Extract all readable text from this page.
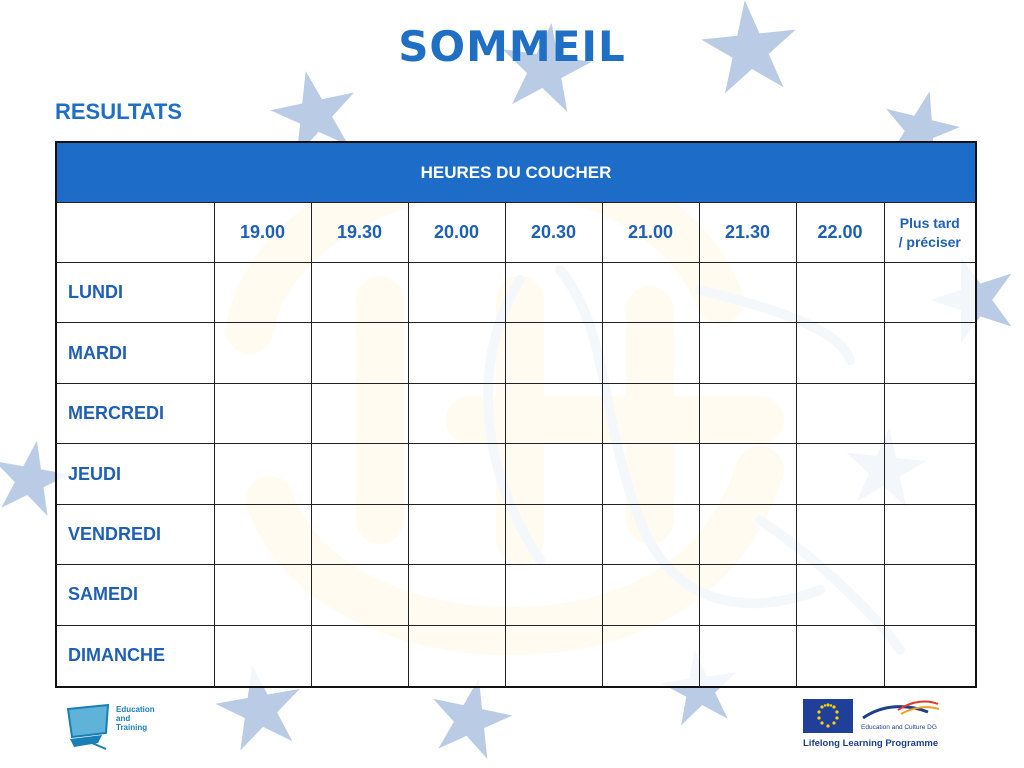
SOMMEIL
RESULTATS
HEURES DU COUCHER								
	19.00	19.30	20.00	20.30	21.00	21.30	22.00	Plus tard
/ préciser
LUNDI								
MARDI								
MERCREDI								
JEUDI								
VENDREDI								
SAMEDI								
DIMANCHE								
Education
and
Training	Education and Culture DG
Lifelong Learning Programme
